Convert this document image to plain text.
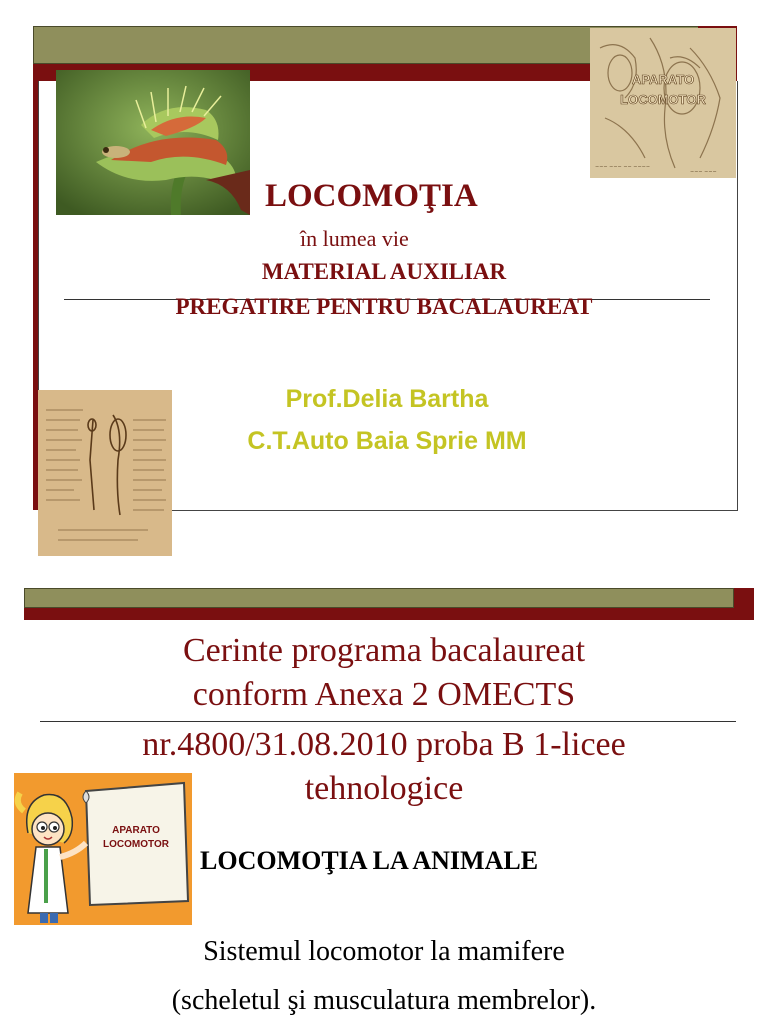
~~~ ~~~ ~~ ~~~~
~~~ ~~~
APARATO
LOCOMOTOR
LOCOMOŢIA
în lumea vie
MATERIAL AUXILIAR
PREGATIRE PENTRU BACALAUREAT
Prof.Delia Bartha
C.T.Auto Baia Sprie MM
Cerinte programa bacalaureat
conform Anexa 2 OMECTS
nr.4800/31.08.2010 proba B 1-licee
tehnologice
APARATO
LOCOMOTOR
LOCOMOŢIA LA ANIMALE
Sistemul locomotor la mamifere
(scheletul şi musculatura membrelor).
